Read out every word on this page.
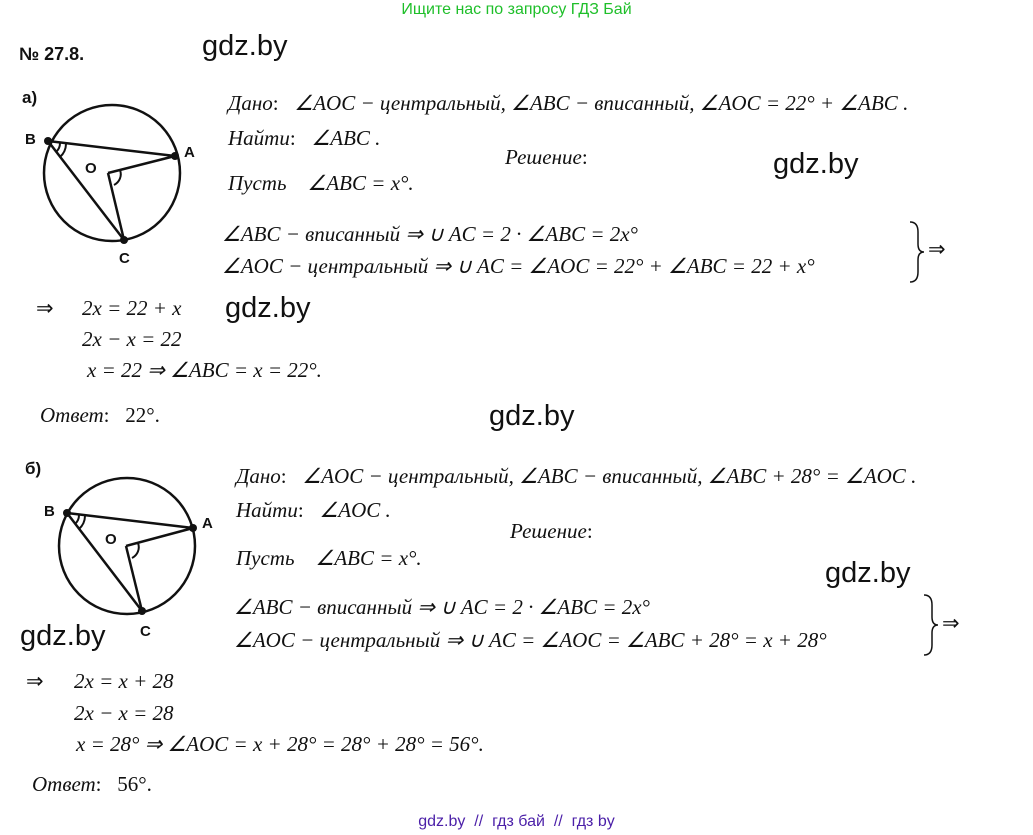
Ищите нас по запросу ГДЗ Бай
№ 27.8.	gdz.by
gdz.by
gdz.by
gdz.by
gdz.by
gdz.by
а)
B
A
C
O
Дано: ∠AOC − центральный, ∠ABC − вписанный, ∠AOC = 22° + ∠ABC .
Найти: ∠ABC .
Решение:
Пусть ∠ABC = x°.
∠ABC − вписанный ⇒ ∪ AC = 2 · ∠ABC = 2x°
∠AOC − центральный ⇒ ∪ AC = ∠AOC = 22° + ∠ABC = 22 + x°
⇒
⇒ 2x = 22 + x
2x − x = 22
x = 22 ⇒ ∠ABC = x = 22°.
Ответ: 22°.
б)
B
A
C
O
Дано: ∠AOC − центральный, ∠ABC − вписанный, ∠ABC + 28° = ∠AOC .
Найти: ∠AOC .
Решение:
Пусть ∠ABC = x°.
∠ABC − вписанный ⇒ ∪ AC = 2 · ∠ABC = 2x°
∠AOC − центральный ⇒ ∪ AC = ∠AOC = ∠ABC + 28° = x + 28°
⇒
⇒ 2x = x + 28
2x − x = 28
x = 28° ⇒ ∠AOC = x + 28° = 28° + 28° = 56°.
Ответ: 56°.
gdz.by  //  гдз бай  //  гдз by
